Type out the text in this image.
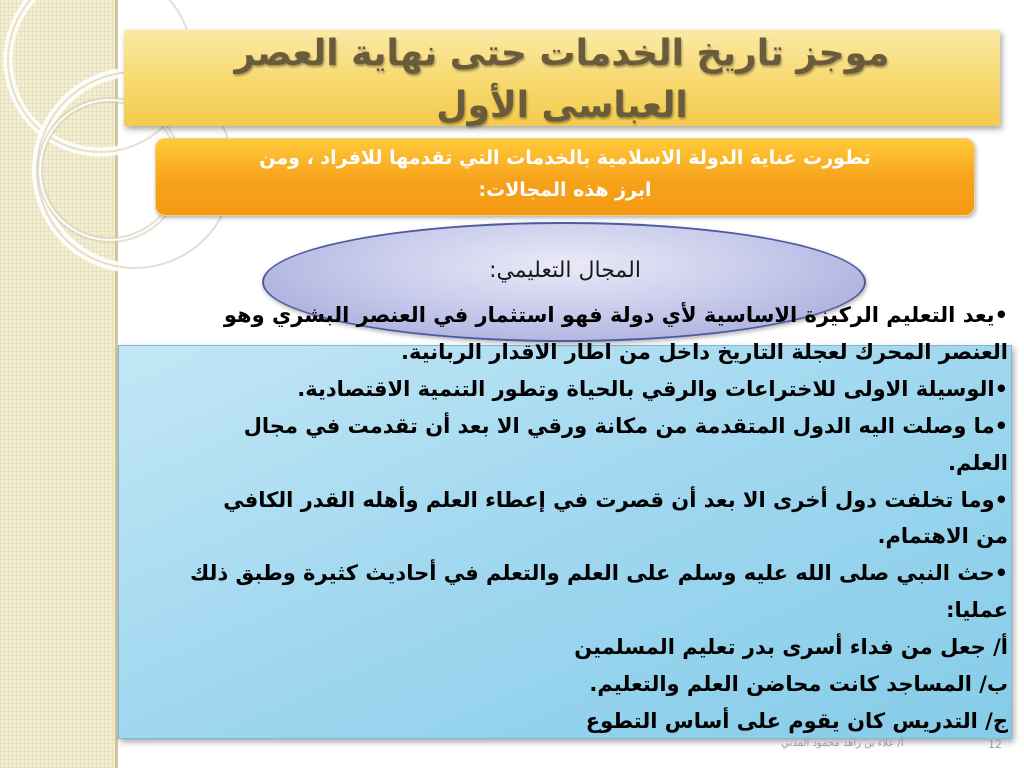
موجز تاريخ الخدمات حتى نهاية العصر
العباسى الأول
تطورت عناية الدولة الاسلامية بالخدمات التي تقدمها للافراد ، ومن
ابرز هذه المجالات:
المجال التعليمي:
•يعد التعليم الركيزة الاساسية لأي دولة فهو استثمار في العنصر البشري وهو
العنصر المحرك لعجلة التاريخ داخل من اطار الاقدار الربانية.
•الوسيلة الاولى للاختراعات والرقي بالحياة وتطور التنمية الاقتصادية.
•ما وصلت اليه الدول المتقدمة من مكانة ورقي الا بعد أن تقدمت في مجال
العلم.
•وما تخلفت دول أخرى الا بعد أن قصرت في إعطاء العلم وأهله القدر الكافي
من الاهتمام.
•حث النبي صلى الله عليه وسلم على العلم والتعلم في أحاديث كثيرة وطبق ذلك
عمليا:
أ/ جعل من فداء أسرى بدر تعليم المسلمين
ب/ المساجد كانت محاضن العلم والتعليم.
ج/ التدريس كان يقوم على أساس التطوع
أ/ علاء بن راهد محمود المدني	12
